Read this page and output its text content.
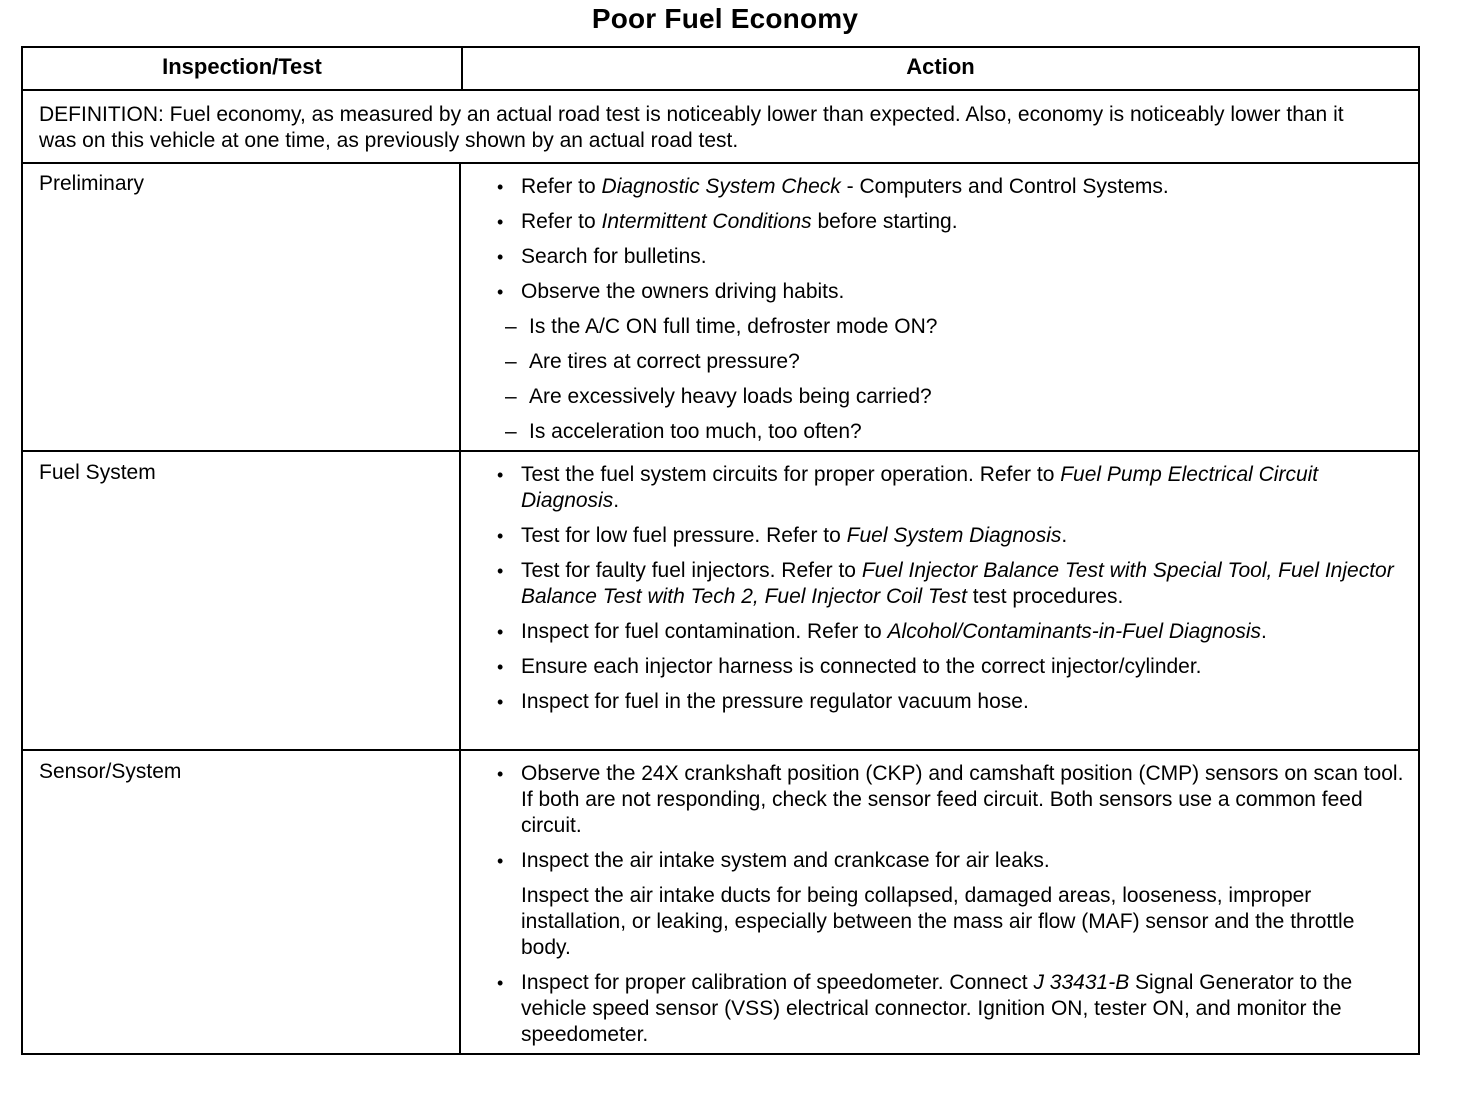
Poor Fuel Economy
Inspection/Test	Action
DEFINITION: Fuel economy, as measured by an actual road test is noticeably lower than expected. Also, economy is noticeably lower than it was on this vehicle at one time, as previously shown by an actual road test.
Preliminary	• Refer to Diagnostic System Check - Computers and Control Systems.
• Refer to Intermittent Conditions before starting.
• Search for bulletins.
• Observe the owners driving habits.
– Is the A/C ON full time, defroster mode ON?
– Are tires at correct pressure?
– Are excessively heavy loads being carried?
– Is acceleration too much, too often?
Fuel System	• Test the fuel system circuits for proper operation. Refer to Fuel Pump Electrical Circuit Diagnosis.
• Test for low fuel pressure. Refer to Fuel System Diagnosis.
• Test for faulty fuel injectors. Refer to Fuel Injector Balance Test with Special Tool, Fuel Injector Balance Test with Tech 2, Fuel Injector Coil Test test procedures.
• Inspect for fuel contamination. Refer to Alcohol/Contaminants-in-Fuel Diagnosis.
• Ensure each injector harness is connected to the correct injector/cylinder.
• Inspect for fuel in the pressure regulator vacuum hose.
Sensor/System	• Observe the 24X crankshaft position (CKP) and camshaft position (CMP) sensors on scan tool. If both are not responding, check the sensor feed circuit. Both sensors use a common feed circuit.
• Inspect the air intake system and crankcase for air leaks.
Inspect the air intake ducts for being collapsed, damaged areas, looseness, improper installation, or leaking, especially between the mass air flow (MAF) sensor and the throttle body.
• Inspect for proper calibration of speedometer. Connect J 33431-B Signal Generator to the vehicle speed sensor (VSS) electrical connector. Ignition ON, tester ON, and monitor the speedometer.
